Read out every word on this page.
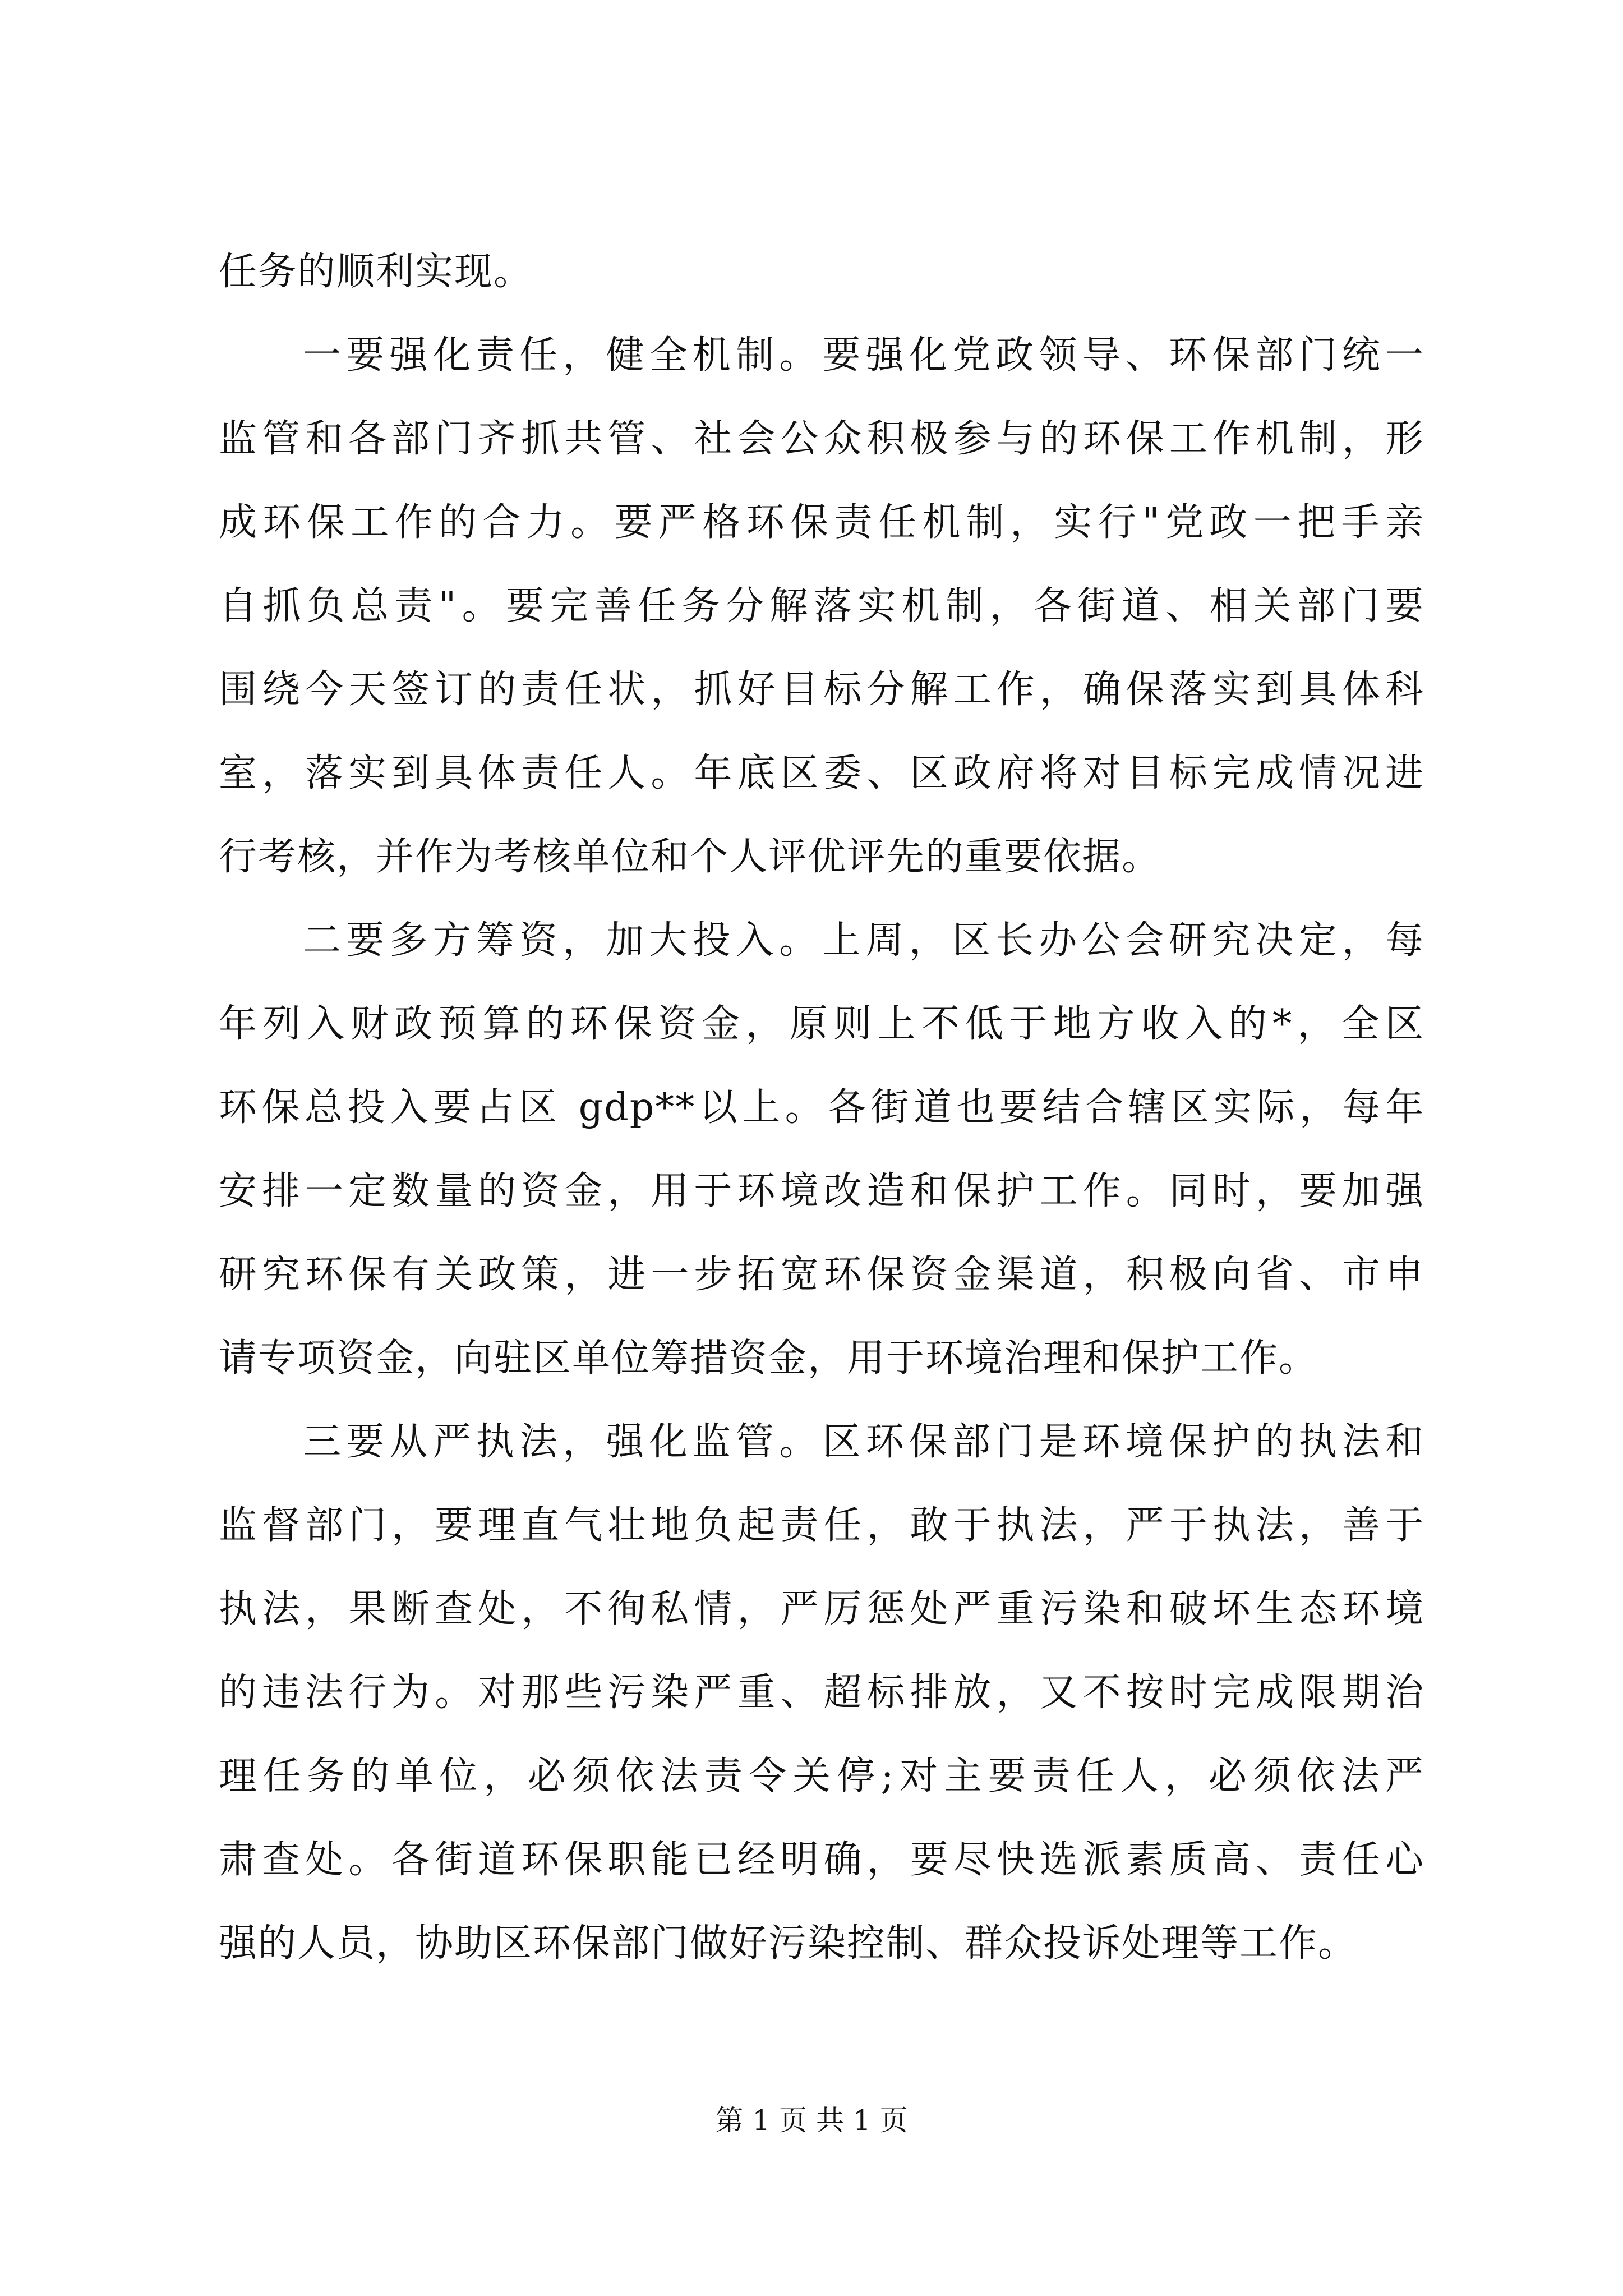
任务的顺利实现。
一要强化责任，健全机制。要强化党政领导、环保部门统一
监管和各部门齐抓共管、社会公众积极参与的环保工作机制，形
成环保工作的合力。要严格环保责任机制，实行"党政一把手亲
自抓负总责"。要完善任务分解落实机制，各街道、相关部门要
围绕今天签订的责任状，抓好目标分解工作，确保落实到具体科
室，落实到具体责任人。年底区委、区政府将对目标完成情况进
行考核，并作为考核单位和个人评优评先的重要依据。
二要多方筹资，加大投入。上周，区长办公会研究决定，每
年列入财政预算的环保资金，原则上不低于地方收入的*，全区
环保总投入要占区 gdp**以上。各街道也要结合辖区实际，每年
安排一定数量的资金，用于环境改造和保护工作。同时，要加强
研究环保有关政策，进一步拓宽环保资金渠道，积极向省、市申
请专项资金，向驻区单位筹措资金，用于环境治理和保护工作。
三要从严执法，强化监管。区环保部门是环境保护的执法和
监督部门，要理直气壮地负起责任，敢于执法，严于执法，善于
执法，果断查处，不徇私情，严厉惩处严重污染和破坏生态环境
的违法行为。对那些污染严重、超标排放，又不按时完成限期治
理任务的单位，必须依法责令关停;对主要责任人，必须依法严
肃查处。各街道环保职能已经明确，要尽快选派素质高、责任心
强的人员，协助区环保部门做好污染控制、群众投诉处理等工作。
第 1 页 共 1 页
